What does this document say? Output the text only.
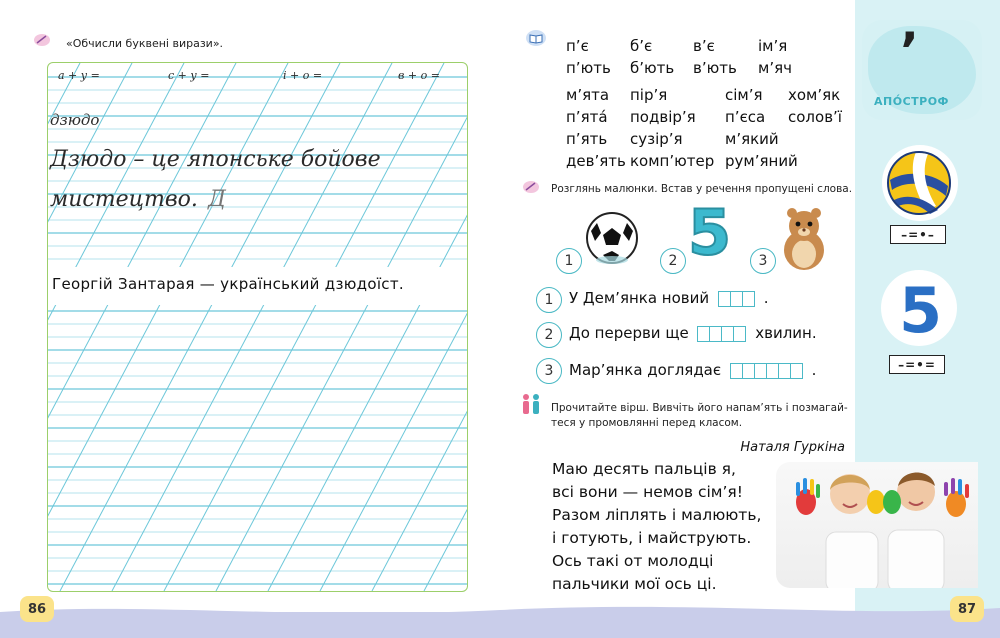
«Обчисли буквені вирази».
а + у =	с + у =	і + о =	в + о =
дзюдо
Дзюдо – це японське бойове
мистецтво. Д
Георгій Зантарая — український дзюдоїст.
86
п’є	б’є	в’є	ім’я
п’ють б’ють в’ють м’яч
м’ята пір’я	сім’я хом’як
п’ята́ подвір’я п’єса солов’ї
п’ять сузір’я	м’який
дев’ять комп’ютер рум’яний
Розглянь малюнки. Встав у речення пропущені слова.
1	2 5	3
1	У Дем’янка новий	.
2	До перерви ще	хвилин.
3	Мар’янка доглядає	.
Прочитайте вірш. Вивчіть його напам’ять і позмагай-
теся у промовлянні перед класом.
Наталя Гуркіна
Маю десять пальців я,
всі вони — немов сім’я!
Разом ліплять і малюють,
і готують, і майструють.
Ось такі от молодці
пальчики мої ось ці.
87
’
АПО́СТРОФ
–=•–
5
–=•=
